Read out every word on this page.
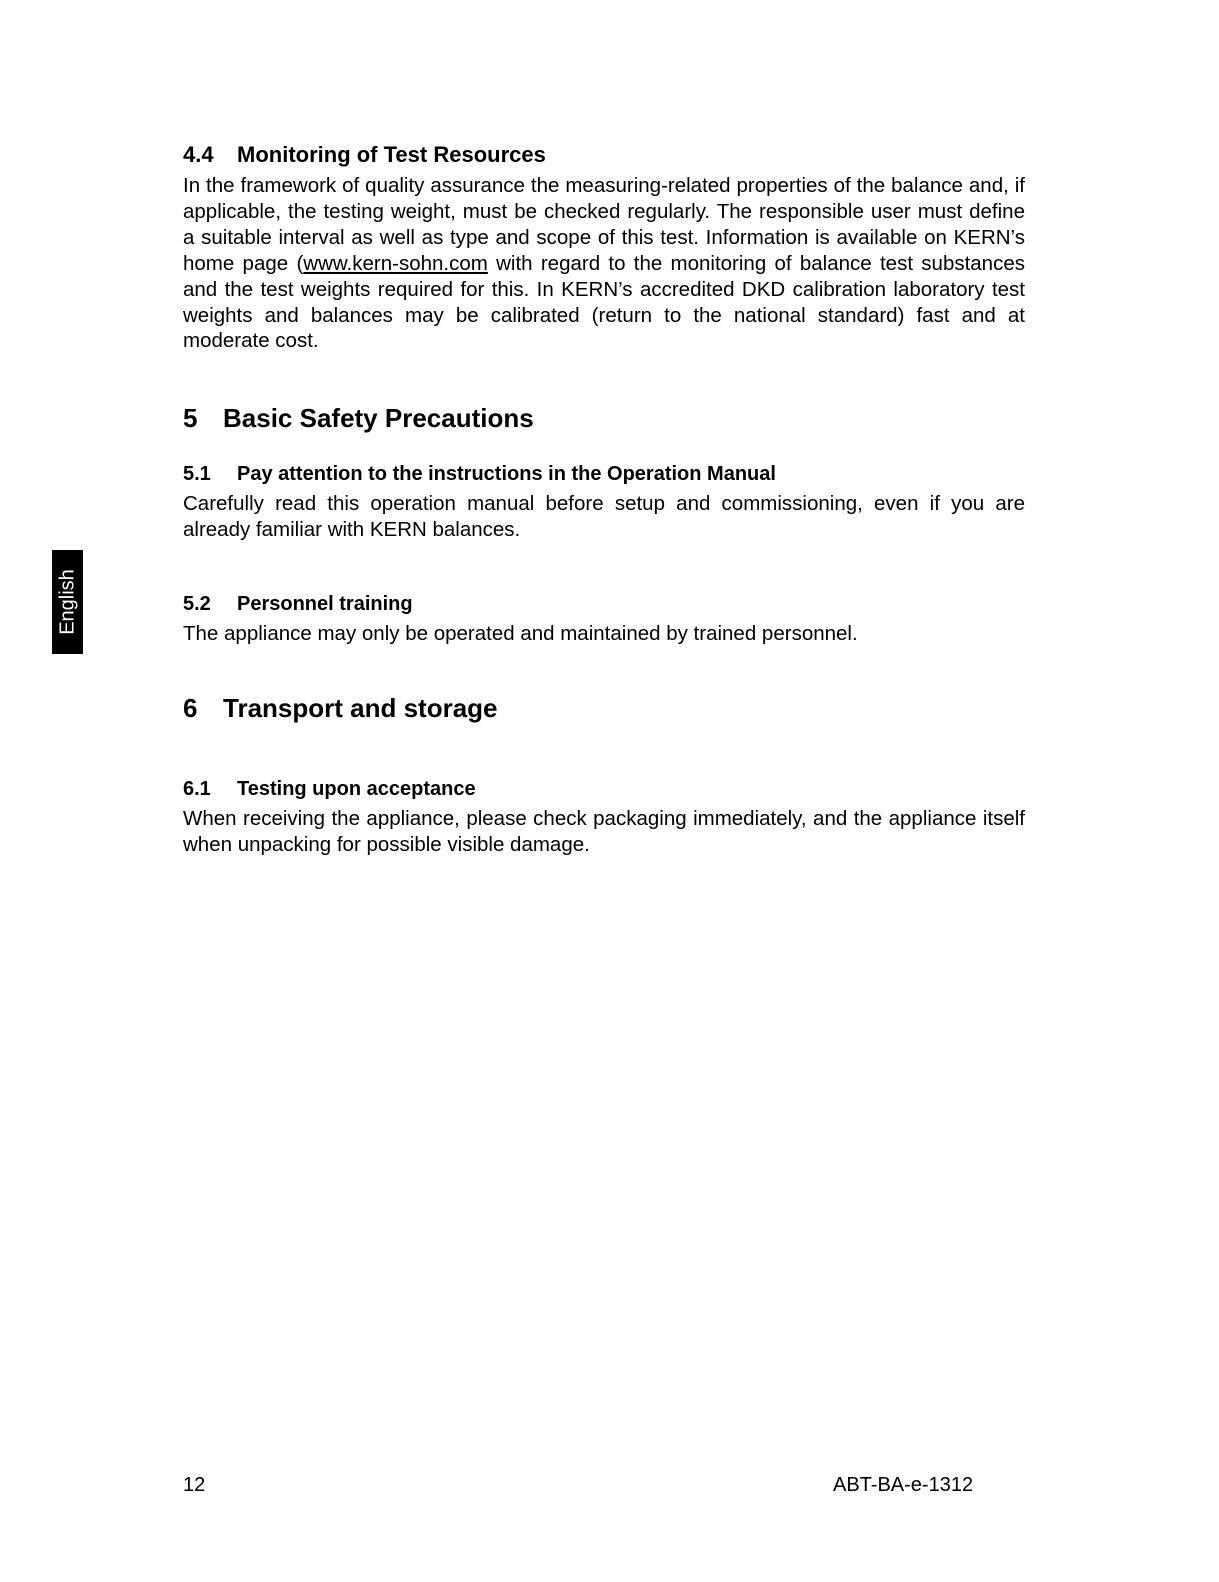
English
4.4 Monitoring of Test Resources

In the framework of quality assurance the measuring-related properties of the balance and, if applicable, the testing weight, must be checked regularly. The responsible user must define a suitable interval as well as type and scope of this test. Information is available on KERN’s home page (www.kern-sohn.com with regard to the monitoring of balance test substances and the test weights required for this. In KERN’s accredited DKD calibration laboratory test weights and balances may be calibrated (return to the national standard) fast and at moderate cost.

5 Basic Safety Precautions
5.1 Pay attention to the instructions in the Operation Manual

Carefully read this operation manual before setup and commissioning, even if you are already familiar with KERN balances.

5.2 Personnel training

The appliance may only be operated and maintained by trained personnel.

6 Transport and storage
6.1 Testing upon acceptance

When receiving the appliance, please check packaging immediately, and the appliance itself when unpacking for possible visible damage.

12	ABT-BA-e-1312
